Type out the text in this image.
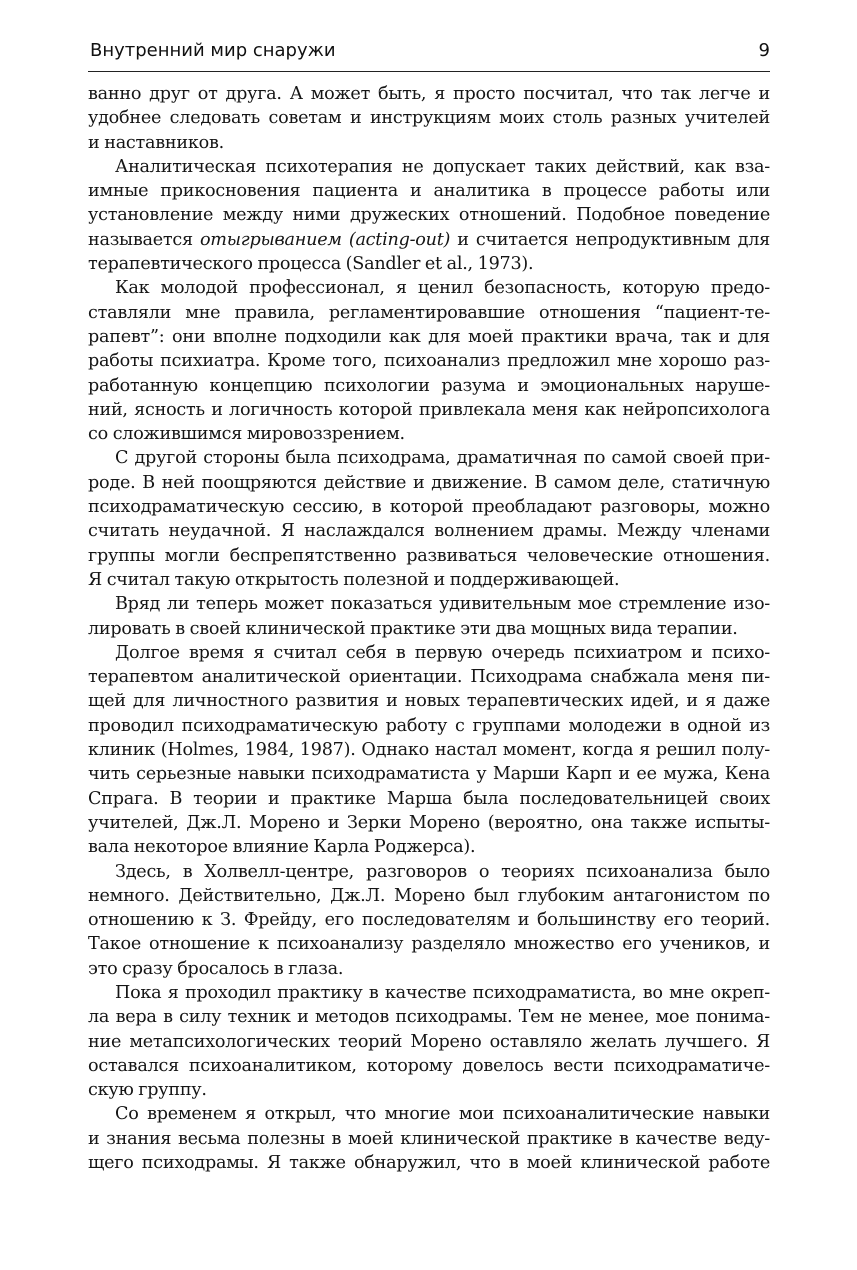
Внутренний мир снаружи	9

ванно друг от друга. А может быть, я просто посчитал, что так легче и

удобнее следовать советам и инструкциям моих столь разных учителей

и наставников.

Аналитическая психотерапия не допускает таких действий, как вза-

имные прикосновения пациента и аналитика в процессе работы или

установление между ними дружеских отношений. Подобное поведение

называется отыгрыванием (acting-out) и считается непродуктивным для

терапевтического процесса (Sandler et al., 1973).

Как молодой профессионал, я ценил безопасность, которую предо-

ставляли мне правила, регламентировавшие отношения “пациент-те-

рапевт”: они вполне подходили как для моей практики врача, так и для

работы психиатра. Кроме того, психоанализ предложил мне хорошо раз-

работанную концепцию психологии разума и эмоциональных наруше-

ний, ясность и логичность которой привлекала меня как нейропсихолога

со сложившимся мировоззрением.

С другой стороны была психодрама, драматичная по самой своей при-

роде. В ней поощряются действие и движение. В самом деле, статичную

психодраматическую сессию, в которой преобладают разговоры, можно

считать неудачной. Я наслаждался волнением драмы. Между членами

группы могли беспрепятственно развиваться человеческие отношения.

Я считал такую открытость полезной и поддерживающей.

Вряд ли теперь может показаться удивительным мое стремление изо-

лировать в своей клинической практике эти два мощных вида терапии.

Долгое время я считал себя в первую очередь психиатром и психо-

терапевтом аналитической ориентации. Психодрама снабжала меня пи-

щей для личностного развития и новых терапевтических идей, и я даже

проводил психодраматическую работу с группами молодежи в одной из

клиник (Holmes, 1984, 1987). Однако настал момент, когда я решил полу-

чить серьезные навыки психодраматиста у Марши Карп и ее мужа, Кена

Спрага. В теории и практике Марша была последовательницей своих

учителей, Дж.Л. Морено и Зерки Морено (вероятно, она также испыты-

вала некоторое влияние Карла Роджерса).

Здесь, в Холвелл-центре, разговоров о теориях психоанализа было

немного. Действительно, Дж.Л. Морено был глубоким антагонистом по

отношению к З. Фрейду, его последователям и большинству его теорий.

Такое отношение к психоанализу разделяло множество его учеников, и

это сразу бросалось в глаза.

Пока я проходил практику в качестве психодраматиста, во мне окреп-

ла вера в силу техник и методов психодрамы. Тем не менее, мое понима-

ние метапсихологических теорий Морено оставляло желать лучшего. Я

оставался психоаналитиком, которому довелось вести психодраматиче-

скую группу.

Со временем я открыл, что многие мои психоаналитические навыки

и знания весьма полезны в моей клинической практике в качестве веду-

щего психодрамы. Я также обнаружил, что в моей клинической работе
